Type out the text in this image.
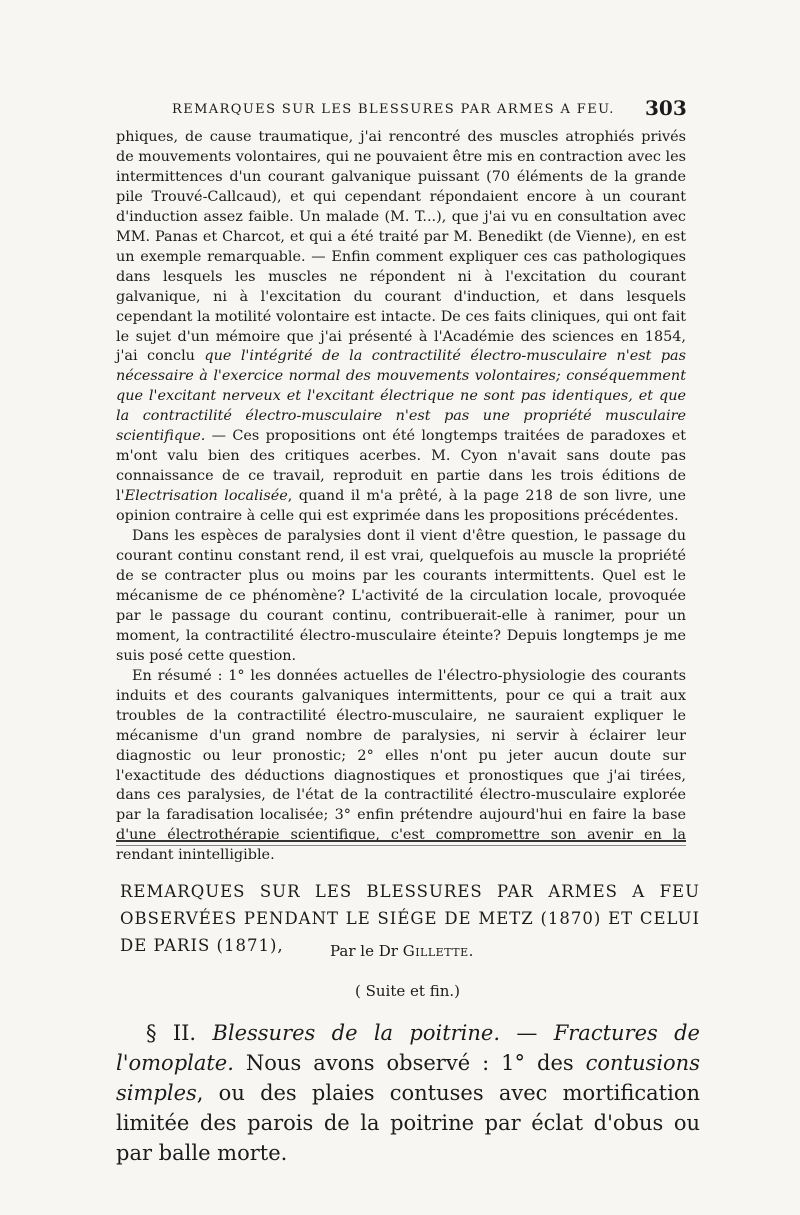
REMARQUES SUR LES BLESSURES PAR ARMES A FEU. 303

phiques, de cause traumatique, j'ai rencontré des muscles atrophiés privés de mouvements volontaires, qui ne pouvaient être mis en contraction avec les intermittences d'un courant galvanique puissant (70 éléments de la grande pile Trouvé-Callcaud), et qui cependant répondaient encore à un courant d'induction assez faible. Un malade (M. T...), que j'ai vu en consultation avec MM. Panas et Charcot, et qui a été traité par M. Benedikt (de Vienne), en est un exemple remarquable. — Enfin comment expliquer ces cas pathologiques dans lesquels les muscles ne répondent ni à l'excitation du courant galvanique, ni à l'excitation du courant d'induction, et dans lesquels cependant la motilité volontaire est intacte. De ces faits cliniques, qui ont fait le sujet d'un mémoire que j'ai présenté à l'Académie des sciences en 1854, j'ai conclu que l'intégrité de la contractilité électro-musculaire n'est pas nécessaire à l'exercice normal des mouvements volontaires; conséquemment que l'excitant nerveux et l'excitant électrique ne sont pas identiques, et que la contractilité électro-musculaire n'est pas une propriété musculaire scientifique. — Ces propositions ont été longtemps traitées de paradoxes et m'ont valu bien des critiques acerbes. M. Cyon n'avait sans doute pas connaissance de ce travail, reproduit en partie dans les trois éditions de l'Electrisation localisée, quand il m'a prêté, à la page 218 de son livre, une opinion contraire à celle qui est exprimée dans les propositions précédentes.

Dans les espèces de paralysies dont il vient d'être question, le passage du courant continu constant rend, il est vrai, quelquefois au muscle la propriété de se contracter plus ou moins par les courants intermittents. Quel est le mécanisme de ce phénomène? L'activité de la circulation locale, provoquée par le passage du courant continu, contribuerait-elle à ranimer, pour un moment, la contractilité électro-musculaire éteinte? Depuis longtemps je me suis posé cette question.

En résumé : 1° les données actuelles de l'électro-physiologie des courants induits et des courants galvaniques intermittents, pour ce qui a trait aux troubles de la contractilité électro-musculaire, ne sauraient expliquer le mécanisme d'un grand nombre de paralysies, ni servir à éclairer leur diagnostic ou leur pronostic; 2° elles n'ont pu jeter aucun doute sur l'exactitude des déductions diagnostiques et pronostiques que j'ai tirées, dans ces paralysies, de l'état de la contractilité électro-musculaire explorée par la faradisation localisée; 3° enfin prétendre aujourd'hui en faire la base d'une électrothérapie scientifique, c'est compromettre son avenir en la rendant inintelligible.

REMARQUES SUR LES BLESSURES PAR ARMES A FEU OBSERVÉES PENDANT LE SIÉGE DE METZ (1870) ET CELUI DE PARIS (1871),	Par le Dr Gillette.
( Suite et fin.)

§ II. Blessures de la poitrine. — Fractures de l'omoplate. Nous avons observé : 1° des contusions simples, ou des plaies contuses avec mortification limitée des parois de la poitrine par éclat d'obus ou par balle morte.
